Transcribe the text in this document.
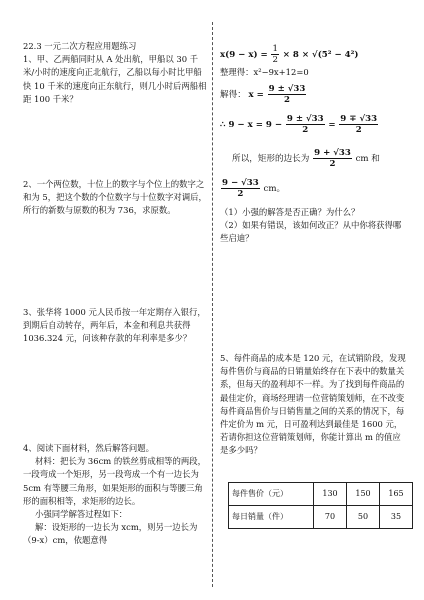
22.3 一元二次方程应用题练习

1、甲、乙两船同时从 A 处出航，甲船以 30 千米/小时的速度向正北航行，乙船以每小时比甲船快 10 千米的速度向正东航行，则几小时后两船相距 100 千米？

2、一个两位数，十位上的数字与个位上的数字之和为 5，把这个数的个位数字与十位数字对调后，所行的新数与原数的积为 736，求原数。

3、张华将 1000 元人民币按一年定期存入银行，到期后自动转存，两年后，本金和利息共获得 1036.324 元，问该种存款的年利率是多少？

4、阅读下面材料，然后解答问题。

材料：把长为 36cm 的铁丝剪成相等的两段，一段弯成一个矩形，另一段弯成一个有一边长为 5cm 有等腰三角形，如果矩形的面积与等腰三角形的面积相等，求矩形的边长。

小强同学解答过程如下：

解：设矩形的一边长为 xcm，则另一边长为（9-x）cm，依题意得

$x(9 - x) = \frac{1}{2} \times 8 \times √(5^2 - 4^2)$

整理得：x²−9x+12=0

解得： $x = \frac{9 \pm √33}{2}$
∴ $9 - x = 9 - \frac{9 \pm √33}{2} = \frac{9 \mp √33}{2}$
所以，矩形的边长为 $\frac{9 + √33}{2}$ cm 和
$\frac{9 - √33}{2}$ cm。

（1）小强的解答是否正确？为什么？

（2）如果有错误，该如何改正？从中你将获得哪些启迪？

5、每件商品的成本是 120 元，在试销阶段，发现每件售价与商品的日销量始终存在下表中的数量关系，但每天的盈利却不一样。为了找到每件商品的最佳定价，商场经理请一位营销策划师，在不改变每件商品售价与日销售量之间的关系的情况下，每件定价为 m 元，日可盈利达到最佳是 1600 元，若请你担这位营销策划师，你能计算出 m 的值应是多少吗？

每件售价（元）	130	150	165
每日销量（件）	70	50	35
